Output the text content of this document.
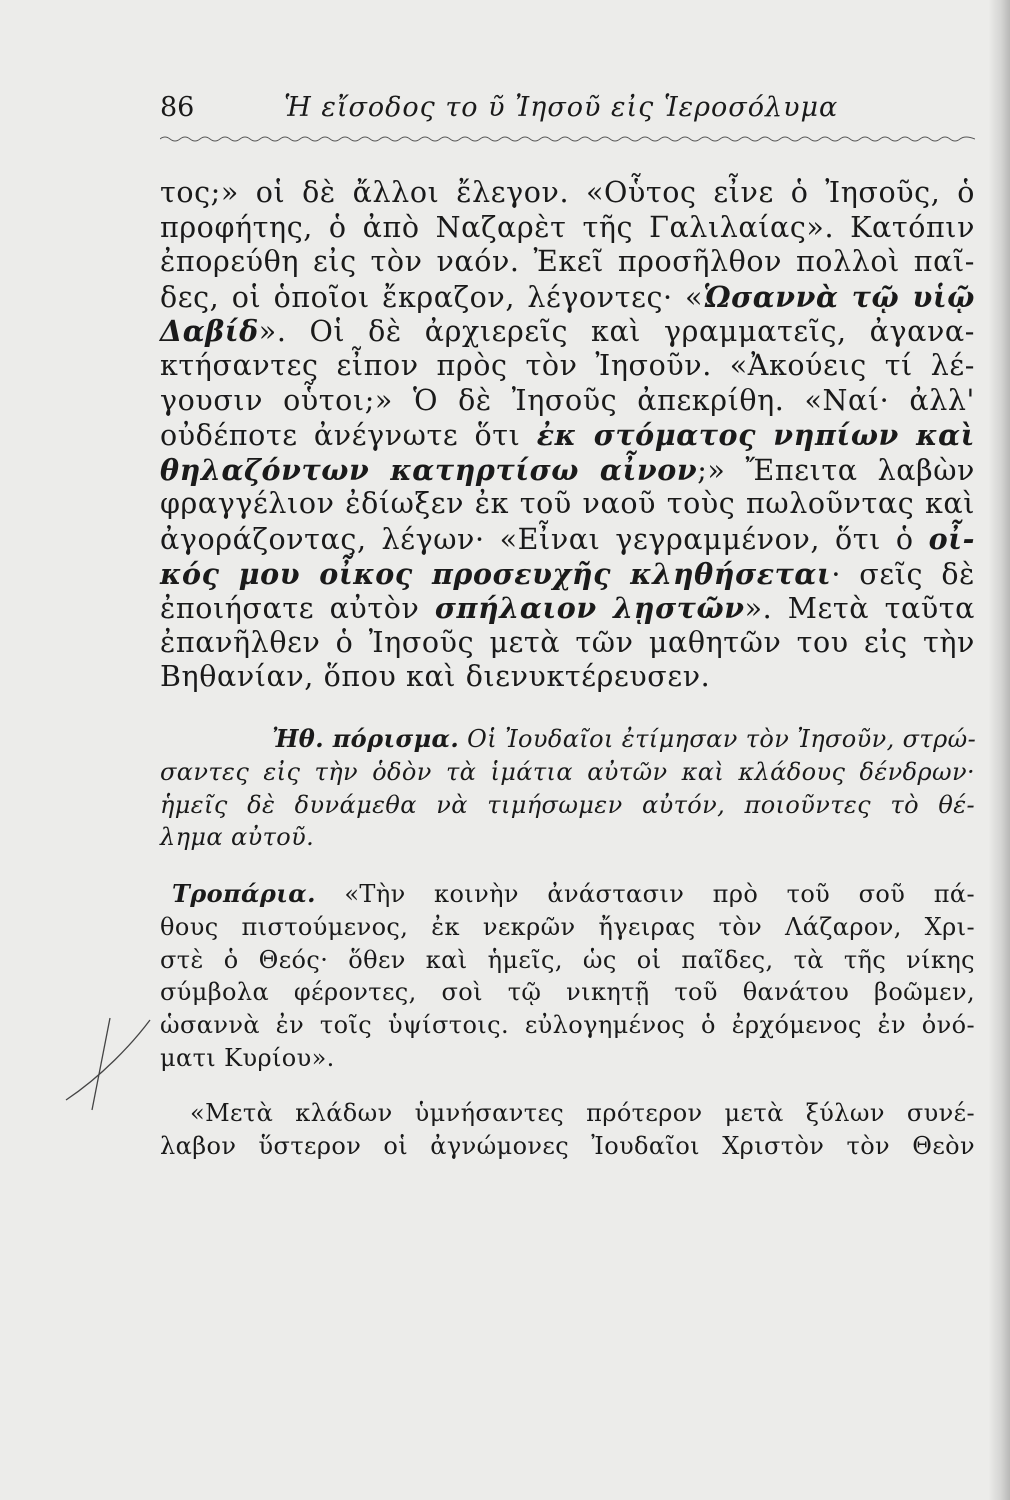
86	Ἡ εἴσοδος το ῦ Ἰησοῦ εἰς Ἱεροσόλυμα
τος;» οἱ δὲ ἄλλοι ἔλεγον. «Οὗτος εἶνε ὁ Ἰησοῦς, ὁ
προφήτης, ὁ ἀπὸ Ναζαρὲτ τῆς Γαλιλαίας». Κατόπιν
ἐπορεύθη εἰς τὸν ναόν. Ἐκεῖ προσῆλθον πολλοὶ παῖ-
δες, οἱ ὁποῖοι ἔκραζον, λέγοντες· «Ὡσαννὰ τῷ υἱῷ
Δαβίδ». Οἱ δὲ ἀρχιερεῖς καὶ γραμματεῖς, ἀγανα-
κτήσαντες εἶπον πρὸς τὸν Ἰησοῦν. «Ἀκούεις τί λέ-
γουσιν οὗτοι;» Ὁ δὲ Ἰησοῦς ἀπεκρίθη. «Ναί· ἀλλ'
οὐδέποτε ἀνέγνωτε ὅτι ἐκ στόματος νηπίων καὶ
θηλαζόντων κατηρτίσω αἶνον;» Ἔπειτα λαβὼν
φραγγέλιον ἐδίωξεν ἐκ τοῦ ναοῦ τοὺς πωλοῦντας καὶ
ἀγοράζοντας, λέγων· «Εἶναι γεγραμμένον, ὅτι ὁ οἶ-
κός μου οἶκος προσευχῆς κληθήσεται· σεῖς δὲ
ἐποιήσατε αὐτὸν σπήλαιον λῃστῶν». Μετὰ ταῦτα
ἐπανῆλθεν ὁ Ἰησοῦς μετὰ τῶν μαθητῶν του εἰς τὴν
Βηθανίαν, ὅπου καὶ διενυκτέρευσεν.
Ἠθ. πόρισμα. Οἱ Ἰουδαῖοι ἐτίμησαν τὸν Ἰησοῦν, στρώ-
σαντες εἰς τὴν ὁδὸν τὰ ἱμάτια αὐτῶν καὶ κλάδους δένδρων·
ἡμεῖς δὲ δυνάμεθα νὰ τιμήσωμεν αὐτόν, ποιοῦντες τὸ θέ-
λημα αὐτοῦ.
Τροπάρια. «Τὴν κοινὴν ἀνάστασιν πρὸ τοῦ σοῦ πά-
θους πιστούμενος, ἐκ νεκρῶν ἤγειρας τὸν Λάζαρον, Χρι-
στὲ ὁ Θεός· ὅθεν καὶ ἡμεῖς, ὡς οἱ παῖδες, τὰ τῆς νίκης
σύμβολα φέροντες, σοὶ τῷ νικητῇ τοῦ θανάτου βοῶμεν,
ὡσαννὰ ἐν τοῖς ὑψίστοις. εὐλογημένος ὁ ἐρχόμενος ἐν ὀνό-
ματι Κυρίου».
«Μετὰ κλάδων ὑμνήσαντες πρότερον μετὰ ξύλων συνέ-
λαβον ὕστερον οἱ ἀγνώμονες Ἰουδαῖοι Χριστὸν τὸν Θεὸν
